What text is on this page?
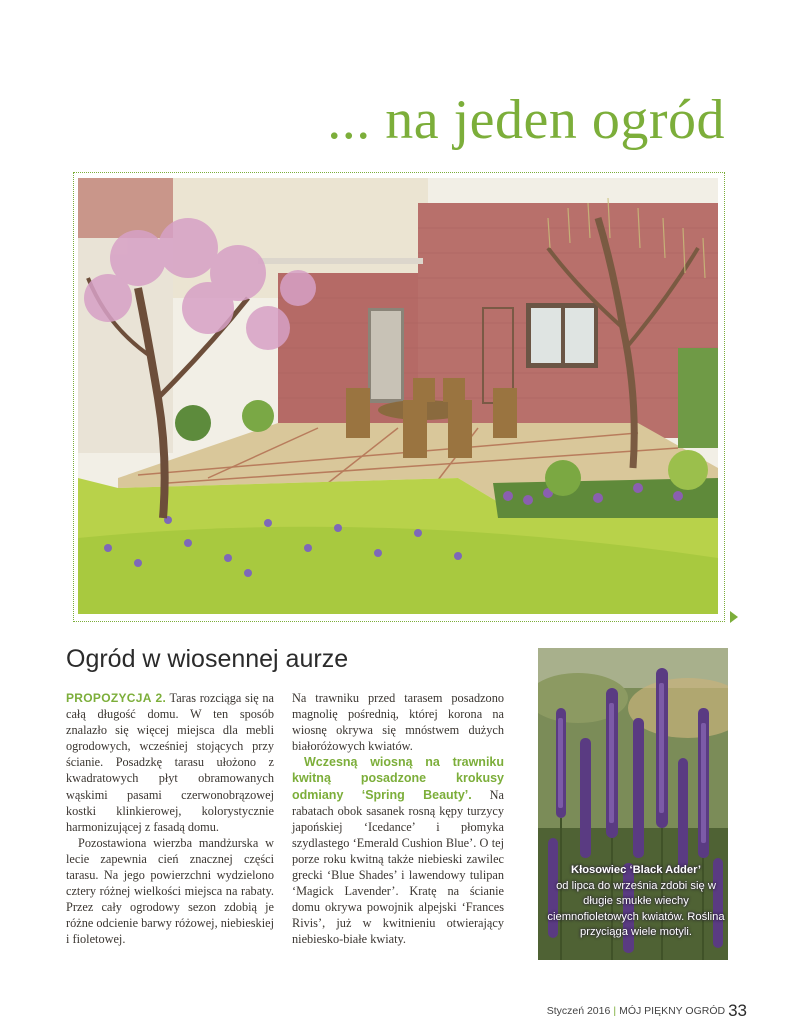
... na jeden ogród
Ogród w wiosennej aurze

PROPOZYCJA 2. Taras rozciąga się na całą długość domu. W ten sposób znalazło się więcej miejsca dla mebli ogrodowych, wcześniej stojących przy ścianie. Posadzkę tarasu ułożono z kwadratowych płyt obramowanych wąskimi pasami czerwonobrązowej kostki klinkierowej, kolorystycznie harmonizującej z fasadą domu.

Pozostawiona wierzba mandżurska w lecie zapewnia cień znacznej części tarasu. Na jego powierzchni wydzielono cztery różnej wielkości miejsca na rabaty. Przez cały ogrodowy sezon zdobią je różne odcienie barwy różowej, niebieskiej i fioletowej.

Na trawniku przed tarasem posadzono magnolię pośrednią, której korona na wiosnę okrywa się mnóstwem dużych białoróżowych kwiatów.

Wczesną wiosną na trawniku kwitną posadzone krokusy odmiany ‘Spring Beauty’. Na rabatach obok sasanek rosną kępy turzycy japońskiej ‘Icedance’ i płomyka szydlastego ‘Emerald Cushion Blue’. O tej porze roku kwitną także niebieski zawilec grecki ‘Blue Shades’ i lawendowy tulipan ‘Magick Lavender’. Kratę na ścianie domu okrywa powojnik alpejski ‘Frances Rivis’, już w kwitnieniu otwierający niebiesko-białe kwiaty.

Kłosowiec ‘Black Adder’
od lipca do września zdobi się w długie smukłe wiechy ciemnofioletowych kwiatów. Roślina przyciąga wiele motyli.
Styczeń 2016 | MÓJ PIĘKNY OGRÓD 33
